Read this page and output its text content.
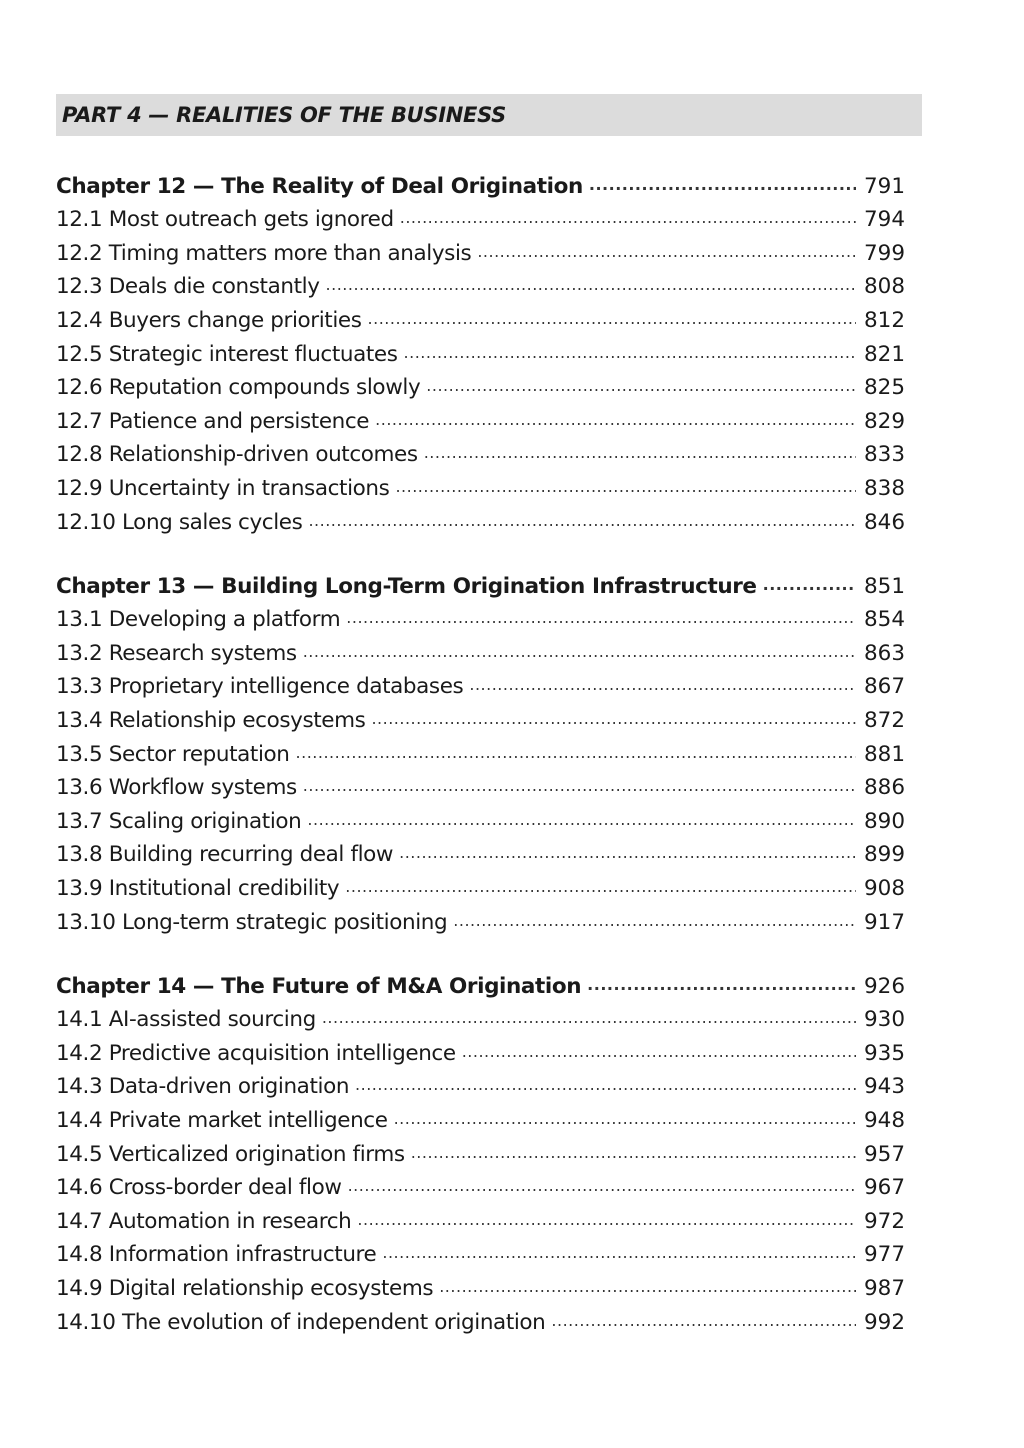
PART 4 — REALITIES OF THE BUSINESS
Chapter 12 — The Reality of Deal Origination .....	791
12.1 Most outreach gets ignored .....	794
12.2 Timing matters more than analysis .....	799
12.3 Deals die constantly .....	808
12.4 Buyers change priorities .....	812
12.5 Strategic interest fluctuates .....	821
12.6 Reputation compounds slowly .....	825
12.7 Patience and persistence .....	829
12.8 Relationship-driven outcomes .....	833
12.9 Uncertainty in transactions .....	838
12.10 Long sales cycles .....	846
Chapter 13 — Building Long-Term Origination Infrastructure .....	851
13.1 Developing a platform .....	854
13.2 Research systems .....	863
13.3 Proprietary intelligence databases .....	867
13.4 Relationship ecosystems .....	872
13.5 Sector reputation .....	881
13.6 Workflow systems .....	886
13.7 Scaling origination .....	890
13.8 Building recurring deal flow .....	899
13.9 Institutional credibility .....	908
13.10 Long-term strategic positioning .....	917
Chapter 14 — The Future of M&A Origination .....	926
14.1 AI-assisted sourcing .....	930
14.2 Predictive acquisition intelligence .....	935
14.3 Data-driven origination .....	943
14.4 Private market intelligence .....	948
14.5 Verticalized origination firms .....	957
14.6 Cross-border deal flow .....	967
14.7 Automation in research .....	972
14.8 Information infrastructure .....	977
14.9 Digital relationship ecosystems .....	987
14.10 The evolution of independent origination .....	992
